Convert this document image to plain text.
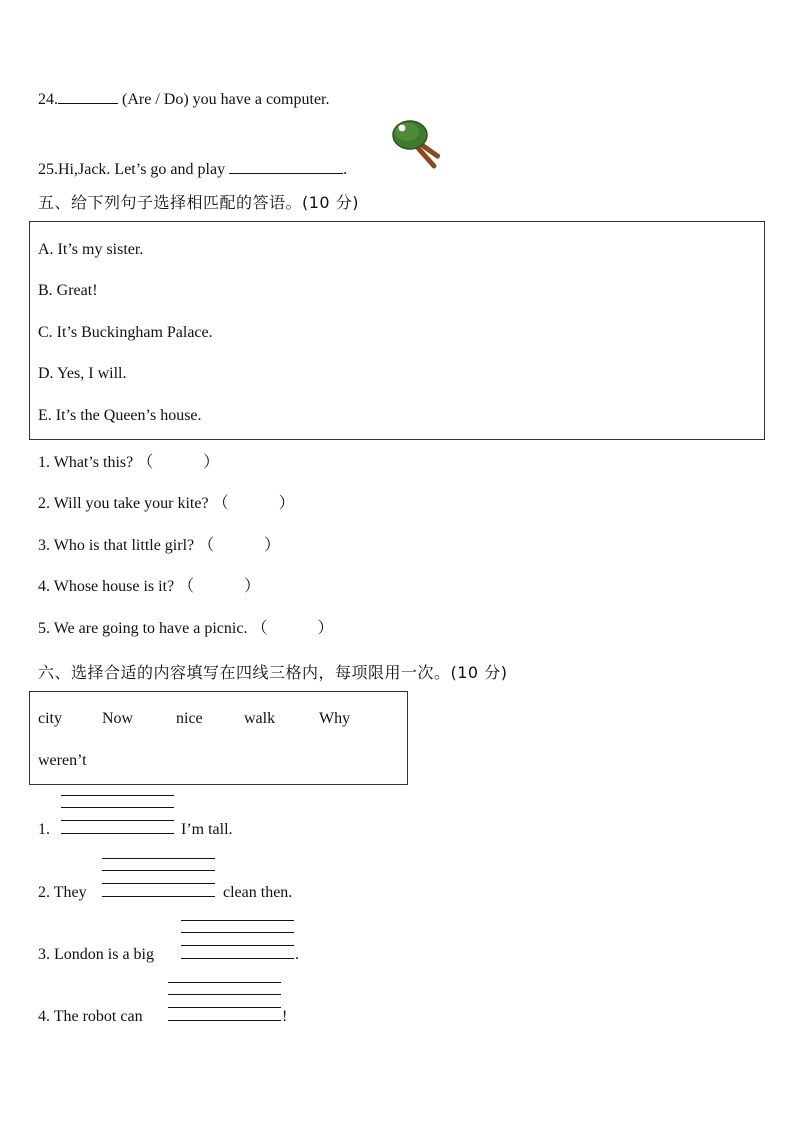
24.	(Are / Do) you have a computer.
25.Hi,Jack. Let’s go and play	.
五、给下列句子选择相匹配的答语。(10 分)
A. It’s my sister.
B. Great!
C. It’s Buckingham Palace.
D. Yes, I will.
E. It’s the Queen’s house.
1. What’s this? （	）
2. Will you take your kite? （	）
3. Who is that little girl? （	）
4. Whose house is it? （	）
5. We are going to have a picnic. （	）
六、选择合适的内容填写在四线三格内，每项限用一次。(10 分)
city	Now	nice	walk	Why
weren’t
1.	I’m tall.
2. They	clean then.
3. London is a big	.
4. The robot can	!
